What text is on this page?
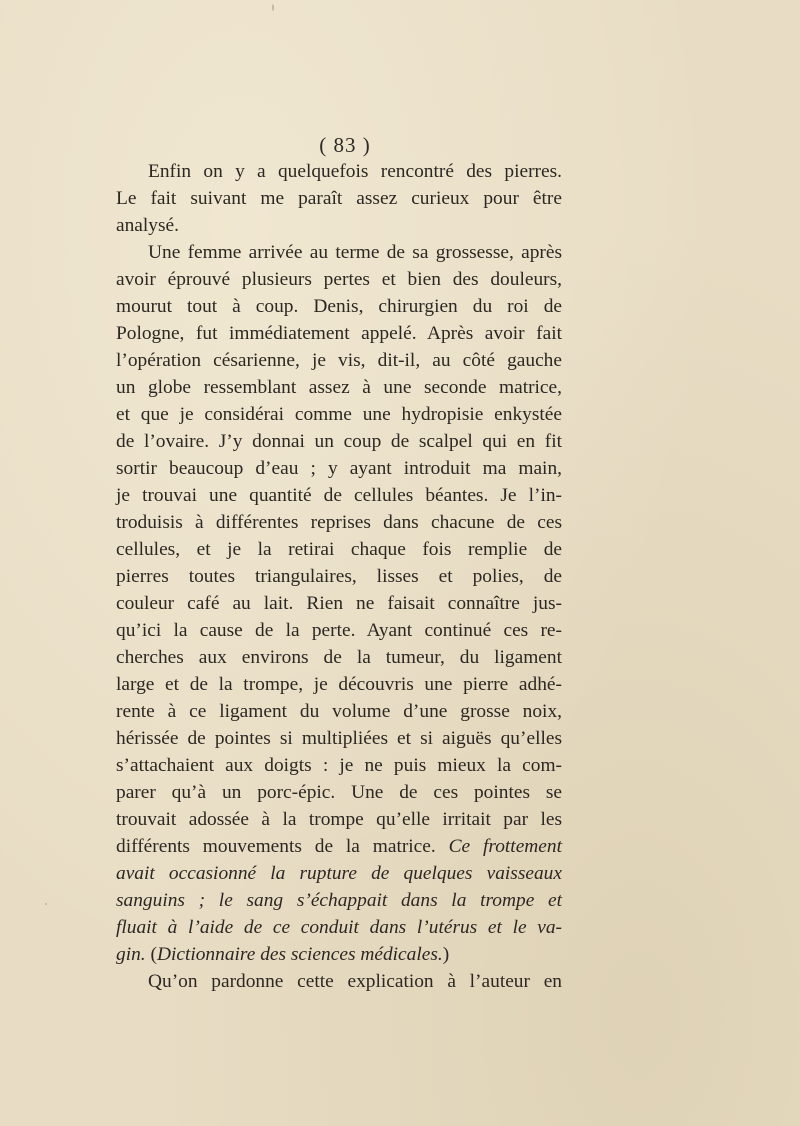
( 83 )
Enfin on y a quelquefois rencontré des pierres.
Le fait suivant me paraît assez curieux pour être
analysé.
Une femme arrivée au terme de sa grossesse, après
avoir éprouvé plusieurs pertes et bien des douleurs,
mourut tout à coup. Denis, chirurgien du roi de
Pologne, fut immédiatement appelé. Après avoir fait
l’opération césarienne, je vis, dit-il, au côté gauche
un globe ressemblant assez à une seconde matrice,
et que je considérai comme une hydropisie enkystée
de l’ovaire. J’y donnai un coup de scalpel qui en fit
sortir beaucoup d’eau ; y ayant introduit ma main,
je trouvai une quantité de cellules béantes. Je l’in-
troduisis à différentes reprises dans chacune de ces
cellules, et je la retirai chaque fois remplie de
pierres toutes triangulaires, lisses et polies, de
couleur café au lait. Rien ne faisait connaître jus-
qu’ici la cause de la perte. Ayant continué ces re-
cherches aux environs de la tumeur, du ligament
large et de la trompe, je découvris une pierre adhé-
rente à ce ligament du volume d’une grosse noix,
hérissée de pointes si multipliées et si aiguës qu’elles
s’attachaient aux doigts : je ne puis mieux la com-
parer qu’à un porc-épic. Une de ces pointes se
trouvait adossée à la trompe qu’elle irritait par les
différents mouvements de la matrice. Ce frottement
avait occasionné la rupture de quelques vaisseaux
sanguins ; le sang s’échappait dans la trompe et
fluait à l’aide de ce conduit dans l’utérus et le va-
gin. (Dictionnaire des sciences médicales.)
Qu’on pardonne cette explication à l’auteur en
